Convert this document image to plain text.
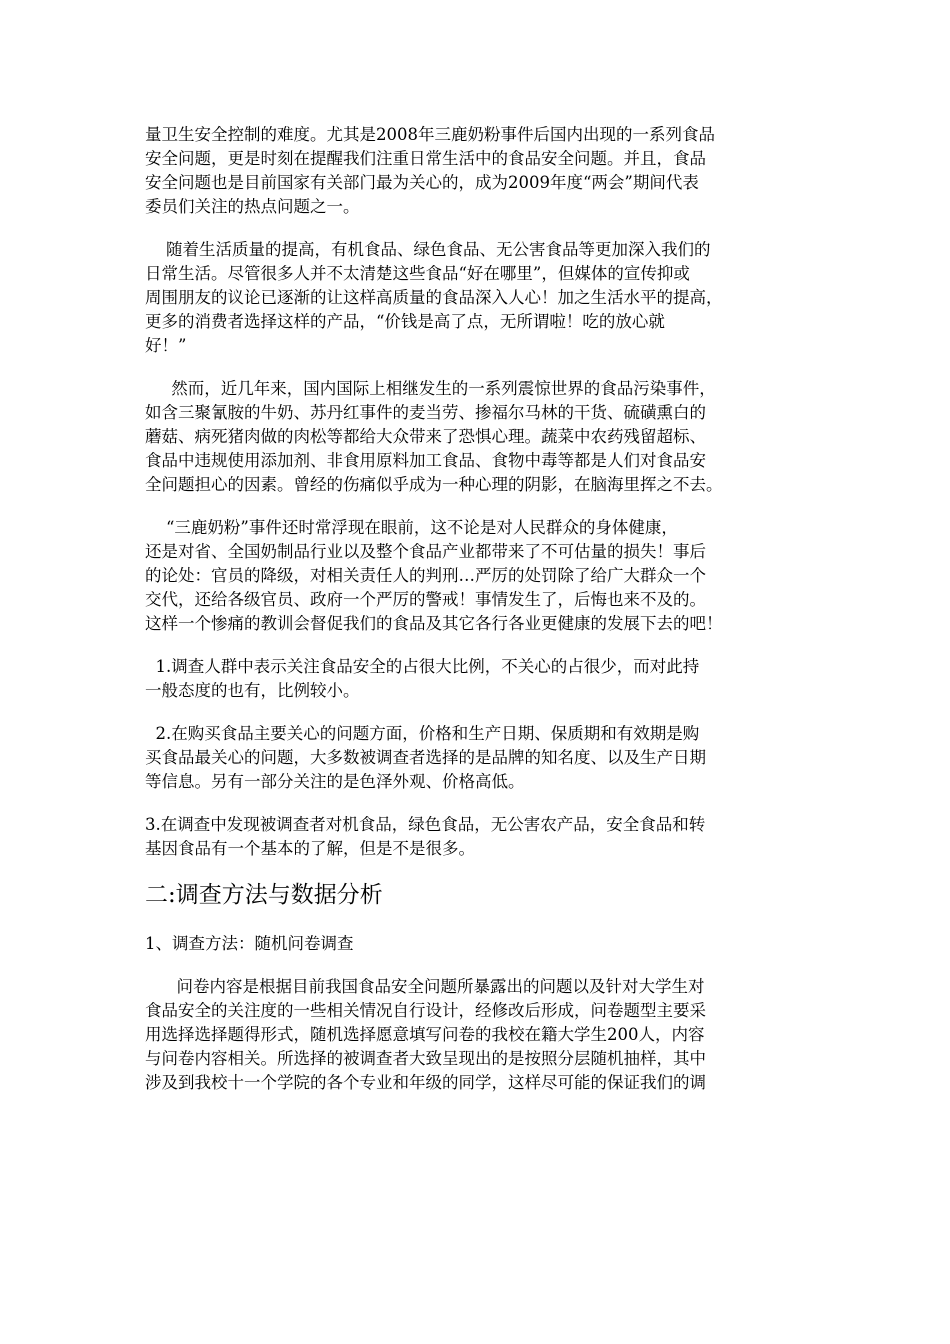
量卫生安全控制的难度。尤其是2008年三鹿奶粉事件后国内出现的一系列食品
安全问题，更是时刻在提醒我们注重日常生活中的食品安全问题。并且，食品
安全问题也是目前国家有关部门最为关心的，成为2009年度“两会”期间代表
委员们关注的热点问题之一。
随着生活质量的提高，有机食品、绿色食品、无公害食品等更加深入我们的
日常生活。尽管很多人并不太清楚这些食品“好在哪里”，但媒体的宣传抑或
周围朋友的议论已逐渐的让这样高质量的食品深入人心！加之生活水平的提高，
更多的消费者选择这样的产品，“价钱是高了点，无所谓啦！吃的放心就
好！”
然而，近几年来，国内国际上相继发生的一系列震惊世界的食品污染事件，
如含三聚氰胺的牛奶、苏丹红事件的麦当劳、掺福尔马林的干货、硫磺熏白的
蘑菇、病死猪肉做的肉松等都给大众带来了恐惧心理。蔬菜中农药残留超标、
食品中违规使用添加剂、非食用原料加工食品、食物中毒等都是人们对食品安
全问题担心的因素。曾经的伤痛似乎成为一种心理的阴影，在脑海里挥之不去。
“三鹿奶粉”事件还时常浮现在眼前，这不论是对人民群众的身体健康，
还是对省、全国奶制品行业以及整个食品产业都带来了不可估量的损失！事后
的论处：官员的降级，对相关责任人的判刑…严厉的处罚除了给广大群众一个
交代，还给各级官员、政府一个严厉的警戒！事情发生了，后悔也来不及的。
这样一个惨痛的教训会督促我们的食品及其它各行各业更健康的发展下去的吧！
1.调查人群中表示关注食品安全的占很大比例，不关心的占很少，而对此持
一般态度的也有，比例较小。
2.在购买食品主要关心的问题方面，价格和生产日期、保质期和有效期是购
买食品最关心的问题，大多数被调查者选择的是品牌的知名度、以及生产日期
等信息。另有一部分关注的是色泽外观、价格高低。
3.在调查中发现被调查者对机食品，绿色食品，无公害农产品，安全食品和转
基因食品有一个基本的了解，但是不是很多。
二:调查方法与数据分析
1、调查方法：随机问卷调查
问卷内容是根据目前我国食品安全问题所暴露出的问题以及针对大学生对
食品安全的关注度的一些相关情况自行设计，经修改后形成，问卷题型主要采
用选择选择题得形式，随机选择愿意填写问卷的我校在籍大学生200人，内容
与问卷内容相关。所选择的被调查者大致呈现出的是按照分层随机抽样，其中
涉及到我校十一个学院的各个专业和年级的同学，这样尽可能的保证我们的调
